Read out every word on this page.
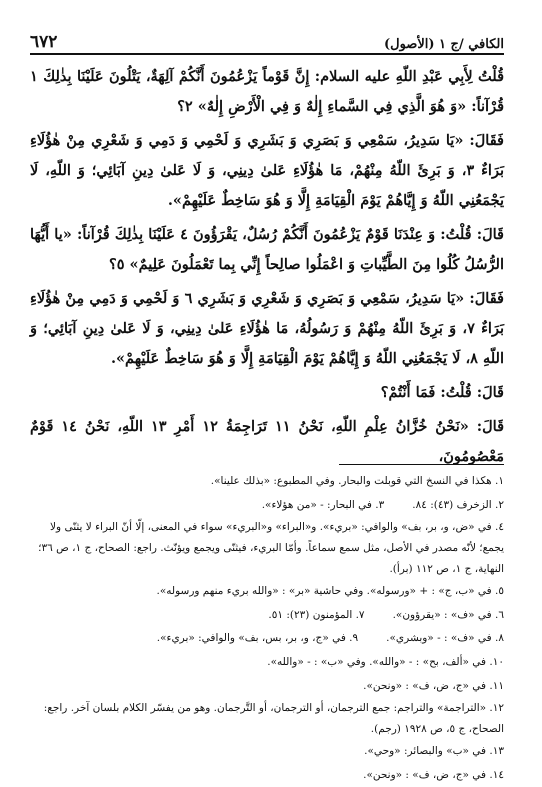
الكافي /ج ١ (الأصول)
٦٧٢

قُلْتُ لِأَبِي عَبْدِ اللّهِ عليه السلام: إِنَّ قَوْماً يَزْعُمُونَ أَنَّكُمْ آلِهَةٌ، يَتْلُونَ عَلَيْنَا بِذٰلِكَ ١ قُرْآناً: «وَ هُوَ الَّذِي فِي السَّماءِ إِلٰهٌ وَ فِي الْأَرْضِ إِلٰهٌ» ٢؟

فَقَالَ: «يَا سَدِيرُ، سَمْعِي وَ بَصَرِي وَ بَشَرِي وَ لَحْمِي وَ دَمِي وَ شَعْرِي مِنْ هٰؤُلَاءِ بَرَاءٌ ٣، وَ بَرِئَ اللّهُ مِنْهُمْ، مَا هٰؤُلَاءِ عَلىٰ دِينِي، وَ لَا عَلىٰ دِينِ آبَائِي؛ وَ اللّهِ، لَا يَجْمَعُنِي اللّهُ وَ إِيَّاهُمْ يَوْمَ الْقِيَامَةِ إِلَّا وَ هُوَ سَاخِطٌ عَلَيْهِمْ».

قَالَ: قُلْتُ: وَ عِنْدَنَا قَوْمٌ يَزْعُمُونَ أَنَّكُمْ رُسُلٌ، يَقْرَؤُونَ ٤ عَلَيْنَا بِذٰلِكَ قُرْآناً: «يا أَيُّهَا الرُّسُلُ كُلُوا مِنَ الطَّيِّباتِ وَ اعْمَلُوا صالِحاً إِنِّي بِما تَعْمَلُونَ عَلِيمٌ» ٥؟

فَقَالَ: «يَا سَدِيرُ، سَمْعِي وَ بَصَرِي وَ شَعْرِي وَ بَشَرِي ٦ وَ لَحْمِي وَ دَمِي مِنْ هٰؤُلَاءِ بَرَاءٌ ٧، وَ بَرِئَ اللّهُ مِنْهُمْ وَ رَسُولُهُ، مَا هٰؤُلَاءِ عَلىٰ دِينِي، وَ لَا عَلىٰ دِينِ آبَائِي؛ وَ اللّهِ ٨، لَا يَجْمَعُنِي اللّهُ وَ إِيَّاهُمْ يَوْمَ الْقِيَامَةِ إِلَّا وَ هُوَ سَاخِطٌ عَلَيْهِمْ».

قَالَ: قُلْتُ: فَمَا أَنْتُمْ؟

قَالَ: «نَحْنُ خُزَّانُ عِلْمِ اللّهِ، نَحْنُ ١١ تَرَاجِمَةُ ١٢ أَمْرِ ١٣ اللّهِ، نَحْنُ ١٤ قَوْمٌ مَعْصُومُونَ،

١. هكذا في النسخ التي قوبلت والبحار. وفي المطبوع: «بذلك علينا».

٢. الزخرف (٤٣): ٨٤.
٣. في البحار: - «من هؤلاء».

٤. في «ض، و، بر، بف» والوافي: «بريء». و«البراء» و«البريء» سواء في المعنى، إلّا أنّ البراء لا يثنّى ولا يجمع؛ لأنّه مصدر في الأصل، مثل سمع سماعاً. وأمّا البريء، فيثنّى ويجمع ويؤنّث. راجع: الصحاح، ج ١، ص ٣٦؛ النهاية، ج ١، ص ١١٢ (برأ).

٥. في «ب، ج» : + «ورسوله». وفي حاشية «بر» : «والله بريء منهم ورسوله».

٦. في «ف» : «يقرؤون».
٧. المؤمنون (٢٣): ٥١.
٨. في «ف» : - «وبشري».
٩. في «ج، و، بر، بس، بف» والوافي: «بريء».

١٠. في «ألف، بح» : - «والله». وفي «ب» : - «والله».

١١. في «ج، ض، ف» : «ونحن».

١٢. «التراجمة» والتراجم: جمع الترجمان، أو الترجمان، أو التَّرجمان. وهو من يفسّر الكلام بلسان آخر. راجع: الصحاح، ج ٥، ص ١٩٢٨ (رجم).

١٣. في «ب» والبصائر: «وحي».

١٤. في «ج، ض، ف» : «ونحن».
